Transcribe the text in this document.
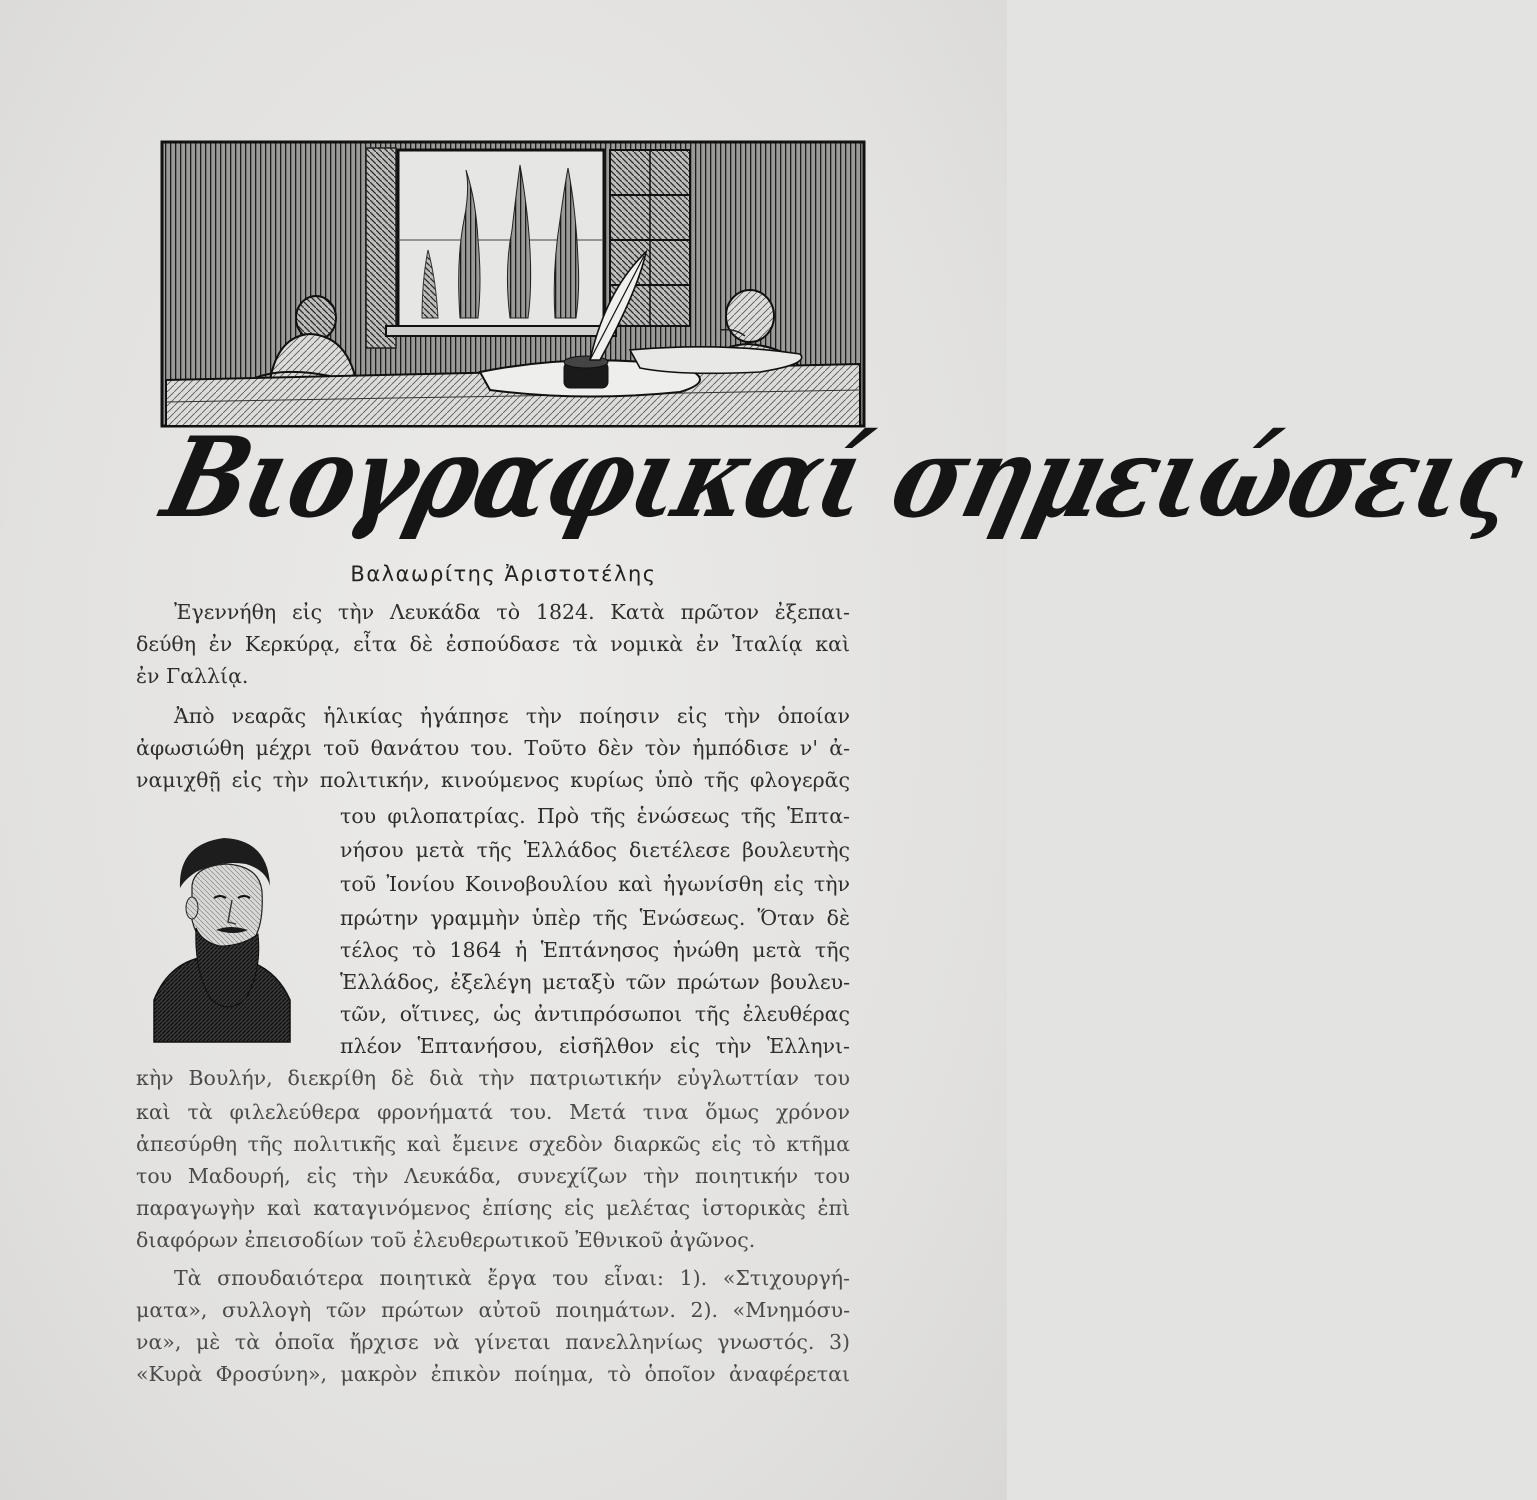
Βιογραφικαί σημειώσεις
Βαλαωρίτης Ἀριστοτέλης
Ἐγεννήθη εἰς τὴν Λευκάδα τὸ 1824. Κατὰ πρῶτον ἐξεπαι-
δεύθη ἐν Κερκύρᾳ, εἶτα δὲ ἐσπούδασε τὰ νομικὰ ἐν Ἰταλίᾳ καὶ
ἐν Γαλλίᾳ.
Ἀπὸ νεαρᾶς ἡλικίας ἠγάπησε τὴν ποίησιν εἰς τὴν ὁποίαν
ἀφωσιώθη μέχρι τοῦ θανάτου του. Τοῦτο δὲν τὸν ἠμπόδισε ν' ἀ-
ναμιχθῇ εἰς τὴν πολιτικήν, κινούμενος κυρίως ὑπὸ τῆς φλογερᾶς
του φιλοπατρίας. Πρὸ τῆς ἑνώσεως τῆς Ἑπτα-
νήσου μετὰ τῆς Ἑλλάδος διετέλεσε βουλευτὴς
τοῦ Ἰονίου Κοινοβουλίου καὶ ἠγωνίσθη εἰς τὴν
πρώτην γραμμὴν ὑπὲρ τῆς Ἑνώσεως. Ὅταν δὲ
τέλος τὸ 1864 ἡ Ἑπτάνησος ἡνώθη μετὰ τῆς
Ἑλλάδος, ἐξελέγη μεταξὺ τῶν πρώτων βουλευ-
τῶν, οἵτινες, ὡς ἀντιπρόσωποι τῆς ἐλευθέρας
πλέον Ἑπτανήσου, εἰσῆλθον εἰς τὴν Ἑλληνι-
κὴν Βουλήν, διεκρίθη δὲ διὰ τὴν πατριωτικήν εὐγλωττίαν του
καὶ τὰ φιλελεύθερα φρονήματά του. Μετά τινα ὅμως χρόνον
ἀπεσύρθη τῆς πολιτικῆς καὶ ἔμεινε σχεδὸν διαρκῶς εἰς τὸ κτῆμα
του Μαδουρή, εἰς τὴν Λευκάδα, συνεχίζων τὴν ποιητικήν του
παραγωγὴν καὶ καταγινόμενος ἐπίσης εἰς μελέτας ἱστορικὰς ἐπὶ
διαφόρων ἐπεισοδίων τοῦ ἐλευθερωτικοῦ Ἐθνικοῦ ἀγῶνος.
Τὰ σπουδαιότερα ποιητικὰ ἔργα του εἶναι: 1). «Στιχουργή-
ματα», συλλογὴ τῶν πρώτων αὐτοῦ ποιημάτων. 2). «Μνημόσυ-
να», μὲ τὰ ὁποῖα ἤρχισε νὰ γίνεται πανελληνίως γνωστός. 3)
«Κυρὰ Φροσύνη», μακρὸν ἐπικὸν ποίημα, τὸ ὁποῖον ἀναφέρεται
